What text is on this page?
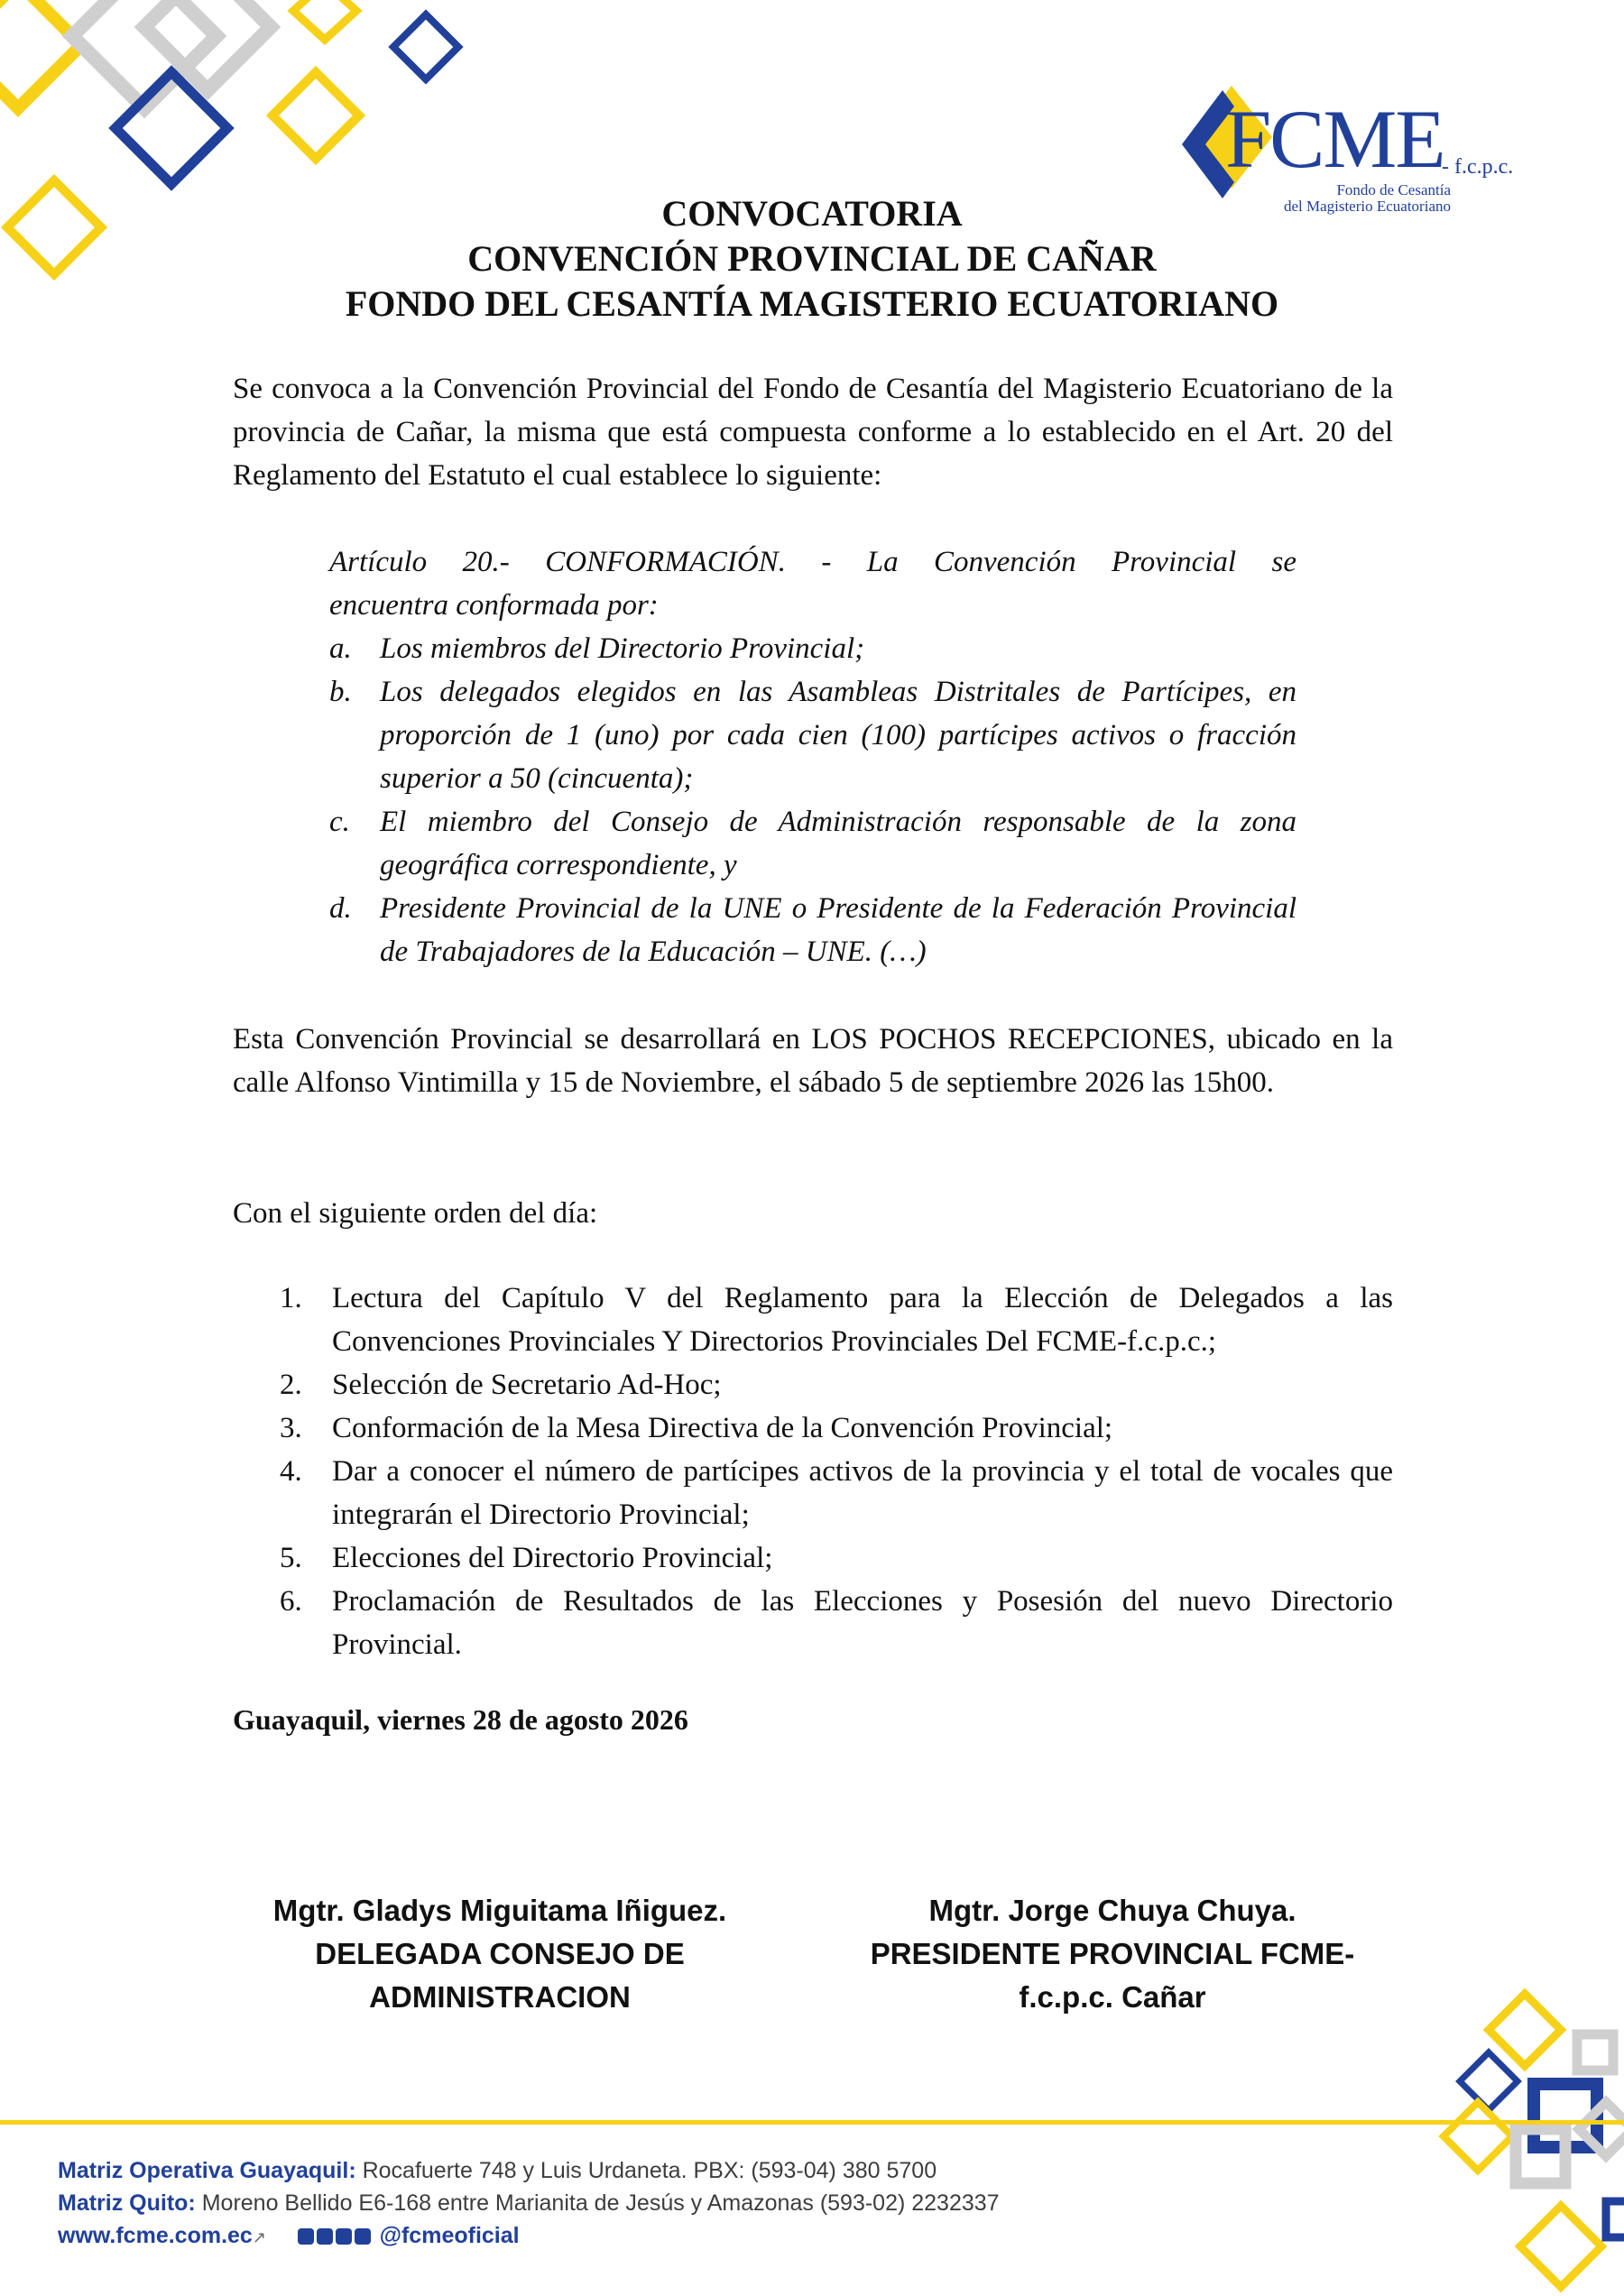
FCME
- f.c.p.c.
Fondo de Cesantía
del Magisterio Ecuatoriano
CONVOCATORIA
CONVENCIÓN PROVINCIAL DE CAÑAR
FONDO DEL CESANTÍA MAGISTERIO ECUATORIANO
Se convoca a la Convención Provincial del Fondo de Cesantía del Magisterio Ecuatoriano de la provincia de Cañar, la misma que está compuesta conforme a lo establecido en el Art. 20 del Reglamento del Estatuto el cual establece lo siguiente:
Artículo 20.- CONFORMACIÓN. - La Convención Provincial se
encuentra conformada por:
a. Los miembros del Directorio Provincial;
b. Los delegados elegidos en las Asambleas Distritales de Partícipes, en proporción de 1 (uno) por cada cien (100) partícipes activos o fracción superior a 50 (cincuenta);
c. El miembro del Consejo de Administración responsable de la zona geográfica correspondiente, y
d. Presidente Provincial de la UNE o Presidente de la Federación Provincial de Trabajadores de la Educación – UNE. (…)
Esta Convención Provincial se desarrollará en LOS POCHOS RECEPCIONES, ubicado en la calle Alfonso Vintimilla y 15 de Noviembre, el sábado 5 de septiembre 2026 las 15h00.
Con el siguiente orden del día:
1. Lectura del Capítulo V del Reglamento para la Elección de Delegados a las Convenciones Provinciales Y Directorios Provinciales Del FCME-f.c.p.c.;
2. Selección de Secretario Ad-Hoc;
3. Conformación de la Mesa Directiva de la Convención Provincial;
4. Dar a conocer el número de partícipes activos de la provincia y el total de vocales que integrarán el Directorio Provincial;
5. Elecciones del Directorio Provincial;
6. Proclamación de Resultados de las Elecciones y Posesión del nuevo Directorio Provincial.
Guayaquil, viernes 28 de agosto 2026
Mgtr. Gladys Miguitama Iñiguez.
DELEGADA CONSEJO DE
ADMINISTRACION
Mgtr. Jorge Chuya Chuya.
PRESIDENTE PROVINCIAL FCME-
f.c.p.c. Cañar
Matriz Operativa Guayaquil: Rocafuerte 748 y Luis Urdaneta. PBX: (593-04) 380 5700
Matriz Quito: Moreno Bellido E6-168 entre Marianita de Jesús y Amazonas (593-02) 2232337
www.fcme.com.ec↗	@fcmeoficial
